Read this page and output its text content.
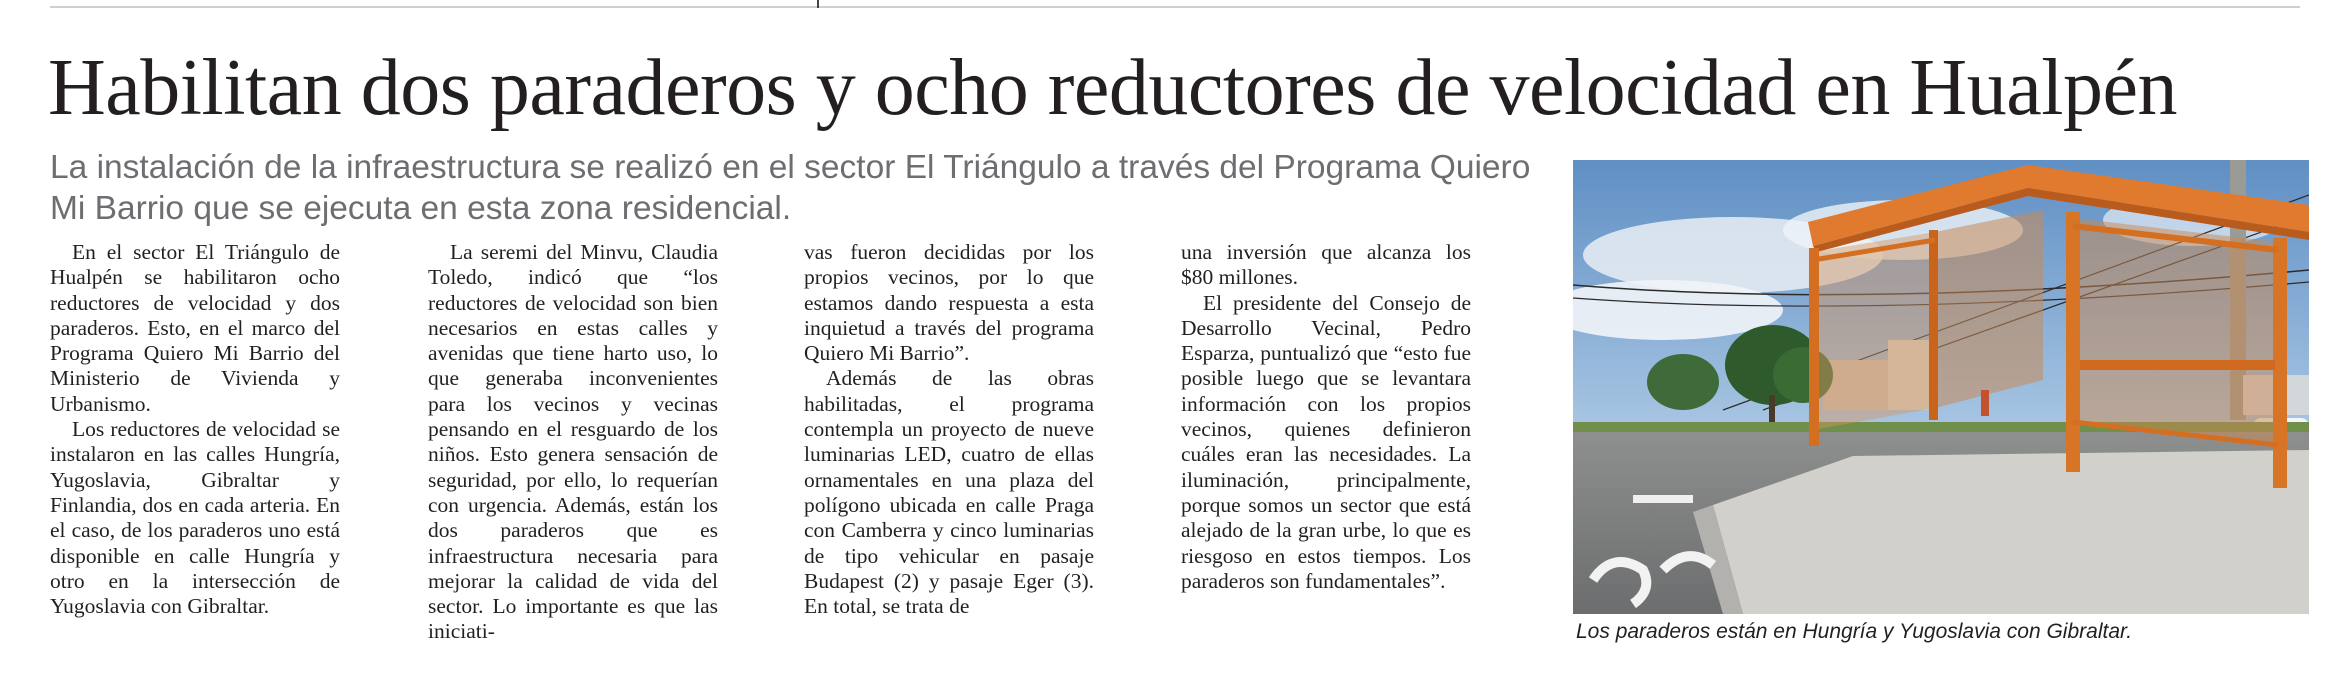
Habilitan dos paraderos y ocho reductores de velocidad en Hualpén

La instalación de la infraestructura se realizó en el sector El Triángulo a través del Programa Quiero Mi Barrio que se ejecuta en esta zona residencial.

En el sector El Triángulo de Hualpén se habilitaron ocho reductores de velocidad y dos paraderos. Esto, en el marco del Programa Quiero Mi Barrio del Ministerio de Vivienda y Urbanismo.

Los reductores de velocidad se instalaron en las calles Hungría, Yugoslavia, Gibraltar y Finlandia, dos en cada arteria. En el caso, de los paraderos uno está disponible en calle Hungría y otro en la intersección de Yugoslavia con Gibraltar.

La seremi del Minvu, Claudia Toledo, indicó que “los reductores de velocidad son bien necesarios en estas calles y avenidas que tiene harto uso, lo que generaba inconvenientes para los vecinos y vecinas pensando en el resguardo de los niños. Esto genera sensación de seguridad, por ello, lo requerían con urgencia. Además, están los dos paraderos que es infraestructura necesaria para mejorar la calidad de vida del sector. Lo importante es que las iniciati-

vas fueron decididas por los propios vecinos, por lo que estamos dando respuesta a esta inquietud a través del programa Quiero Mi Barrio”.

Además de las obras habilitadas, el programa contempla un proyecto de nueve luminarias LED, cuatro de ellas ornamentales en una plaza del polígono ubicada en calle Praga con Camberra y cinco luminarias de tipo vehicular en pasaje Budapest (2) y pasaje Eger (3). En total, se trata de

una inversión que alcanza los $80 millones.

El presidente del Consejo de Desarrollo Vecinal, Pedro Esparza, puntualizó que “esto fue posible luego que se levantara información con los propios vecinos, quienes definieron cuáles eran las necesidades. La iluminación, principalmente, porque somos un sector que está alejado de la gran urbe, lo que es riesgoso en estos tiempos. Los paraderos son fundamentales”.

Los paraderos están en Hungría y Yugoslavia con Gibraltar.
